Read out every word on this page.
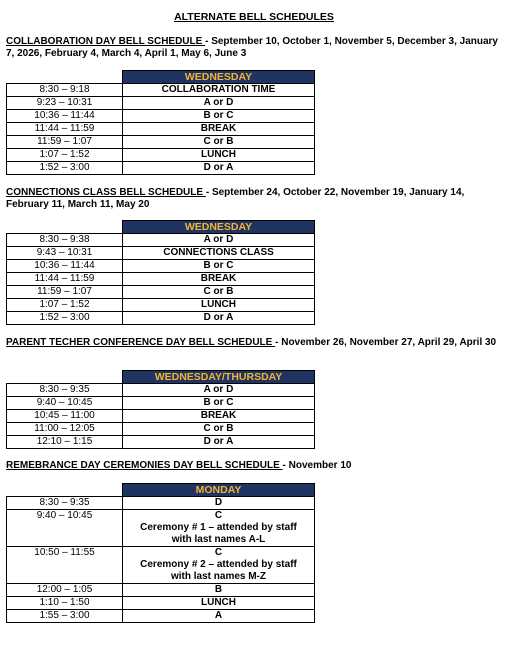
ALTERNATE BELL SCHEDULES
COLLABORATION DAY BELL SCHEDULE - September 10, October 1, November 5, December 3, January 7, 2026, February 4, March 4, April 1, May 6, June 3
	WEDNESDAY
8:30 – 9:18	COLLABORATION TIME
9:23 – 10:31	A or D
10:36 – 11:44	B or C
11:44 – 11:59	BREAK
11:59 – 1:07	C or B
1:07 – 1:52	LUNCH
1:52 – 3:00	D or A
CONNECTIONS CLASS BELL SCHEDULE - September 24, October 22, November 19, January 14, February 11, March 11, May 20
	WEDNESDAY
8:30 – 9:38	A or D
9:43 – 10:31	CONNECTIONS CLASS
10:36 – 11:44	B or C
11:44 – 11:59	BREAK
11:59 – 1:07	C or B
1:07 – 1:52	LUNCH
1:52 – 3:00	D or A
PARENT TECHER CONFERENCE DAY BELL SCHEDULE - November 26, November 27, April 29, April 30
	WEDNESDAY/THURSDAY
8:30 – 9:35	A or D
9:40 – 10:45	B or C
10:45 – 11:00	BREAK
11:00 – 12:05	C or B
12:10 – 1:15	D or A
REMEBRANCE DAY CEREMONIES DAY BELL SCHEDULE - November 10
	MONDAY
8:30 – 9:35	D
9:40 – 10:45	C
Ceremony # 1 – attended by staff with last names A-L

10:50 – 11:55	C
Ceremony # 2 – attended by staff with last names M-Z

12:00 – 1:05	B
1:10 – 1:50	LUNCH
1:55 – 3:00	A
